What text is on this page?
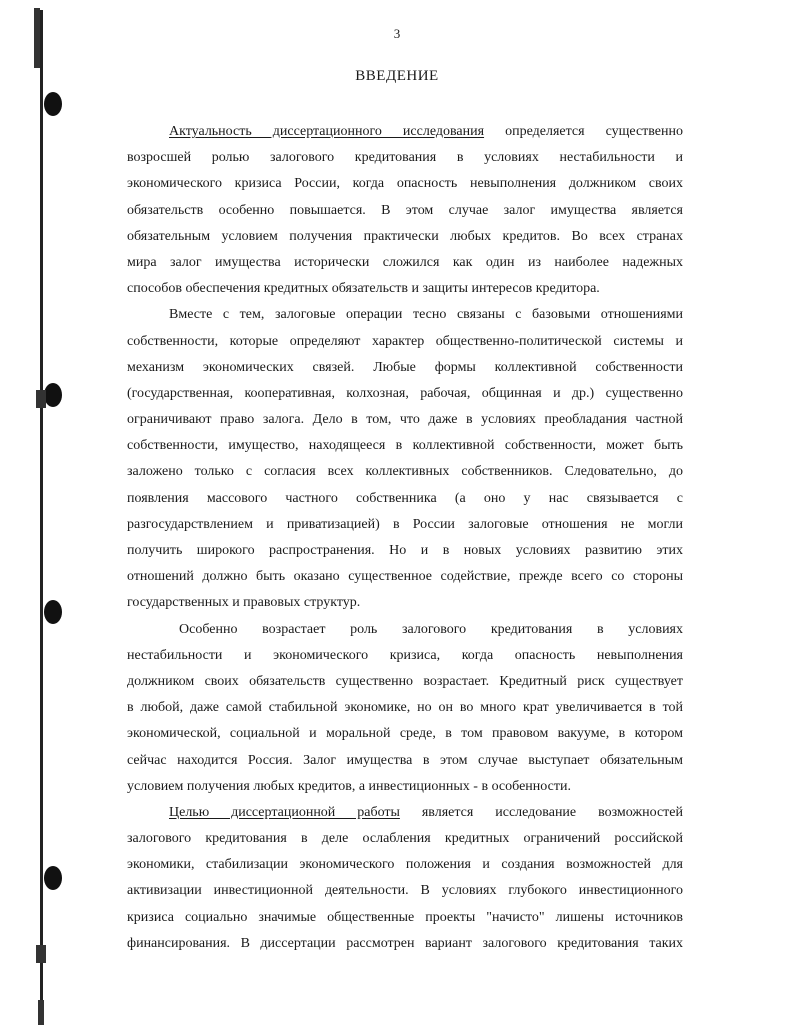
3
ВВЕДЕНИЕ
Актуальность диссертационного исследования определяется существенно
возросшей ролью залогового кредитования в условиях нестабильности и
экономического кризиса России, когда опасность невыполнения должником своих
обязательств особенно повышается. В этом случае залог имущества является
обязательным условием получения практически любых кредитов. Во всех странах
мира залог имущества исторически сложился как один из наиболее надежных
способов обеспечения кредитных обязательств и защиты интересов кредитора.
Вместе с тем, залоговые операции тесно связаны с базовыми отношениями
собственности, которые определяют характер общественно-политической системы и
механизм экономических связей. Любые формы коллективной собственности
(государственная, кооперативная, колхозная, рабочая, общинная и др.) существенно
ограничивают право залога. Дело в том, что даже в условиях преобладания частной
собственности, имущество, находящееся в коллективной собственности, может быть
заложено только с согласия всех коллективных собственников. Следовательно, до
появления массового частного собственника (а оно у нас связывается с
разгосударствлением и приватизацией) в России залоговые отношения не могли
получить широкого распространения. Но и в новых условиях развитию этих
отношений должно быть оказано существенное содействие, прежде всего со стороны
государственных и правовых структур.
Особенно возрастает роль залогового кредитования в условиях
нестабильности и экономического кризиса, когда опасность невыполнения
должником своих обязательств существенно возрастает. Кредитный риск существует
в любой, даже самой стабильной экономике, но он во много крат увеличивается в той
экономической, социальной и моральной среде, в том правовом вакууме, в котором
сейчас находится Россия. Залог имущества в этом случае выступает обязательным
условием получения любых кредитов, а инвестиционных - в особенности.
Целью диссертационной работы является исследование возможностей
залогового кредитования в деле ослабления кредитных ограничений российской
экономики, стабилизации экономического положения и создания возможностей для
активизации инвестиционной деятельности. В условиях глубокого инвестиционного
кризиса социально значимые общественные проекты "начисто" лишены источников
финансирования. В диссертации рассмотрен вариант залогового кредитования таких
